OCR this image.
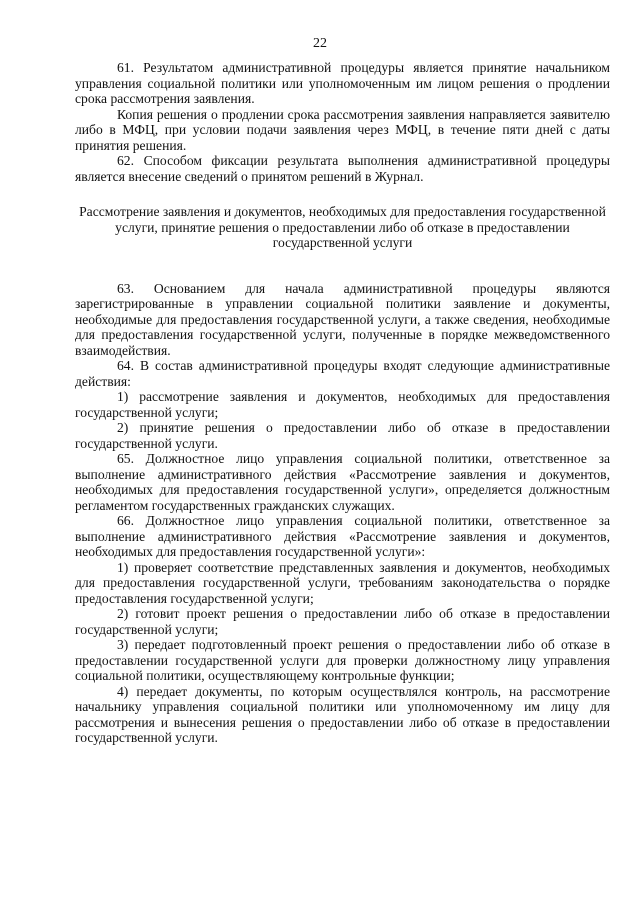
22

61. Результатом административной процедуры является принятие начальником управления социальной политики или уполномоченным им лицом решения о продлении срока рассмотрения заявления.

Копия решения о продлении срока рассмотрения заявления направляется заявителю либо в МФЦ, при условии подачи заявления через МФЦ, в течение пяти дней с даты принятия решения.

62. Способом фиксации результата выполнения административной процедуры является внесение сведений о принятом решений в Журнал.

Рассмотрение заявления и документов, необходимых для предоставления государственной услуги, принятие решения о предоставлении либо об отказе в предоставлении государственной услуги

63. Основанием для начала административной процедуры являются зарегистрированные в управлении социальной политики заявление и документы, необходимые для предоставления государственной услуги, а также сведения, необходимые для предоставления государственной услуги, полученные в порядке межведомственного взаимодействия.

64. В состав административной процедуры входят следующие административные действия:

1) рассмотрение заявления и документов, необходимых для предоставления государственной услуги;

2) принятие решения о предоставлении либо об отказе в предоставлении государственной услуги.

65. Должностное лицо управления социальной политики, ответственное за выполнение административного действия «Рассмотрение заявления и документов, необходимых для предоставления государственной услуги», определяется должностным регламентом государственных гражданских служащих.

66. Должностное лицо управления социальной политики, ответственное за выполнение административного действия «Рассмотрение заявления и документов, необходимых для предоставления государственной услуги»:

1) проверяет соответствие представленных заявления и документов, необходимых для предоставления государственной услуги, требованиям законодательства о порядке предоставления государственной услуги;

2) готовит проект решения о предоставлении либо об отказе в предоставлении государственной услуги;

3) передает подготовленный проект решения о предоставлении либо об отказе в предоставлении государственной услуги для проверки должностному лицу управления социальной политики, осуществляющему контрольные функции;

4) передает документы, по которым осуществлялся контроль, на рассмотрение начальнику управления социальной политики или уполномоченному им лицу для рассмотрения и вынесения решения о предоставлении либо об отказе в предоставлении государственной услуги.
